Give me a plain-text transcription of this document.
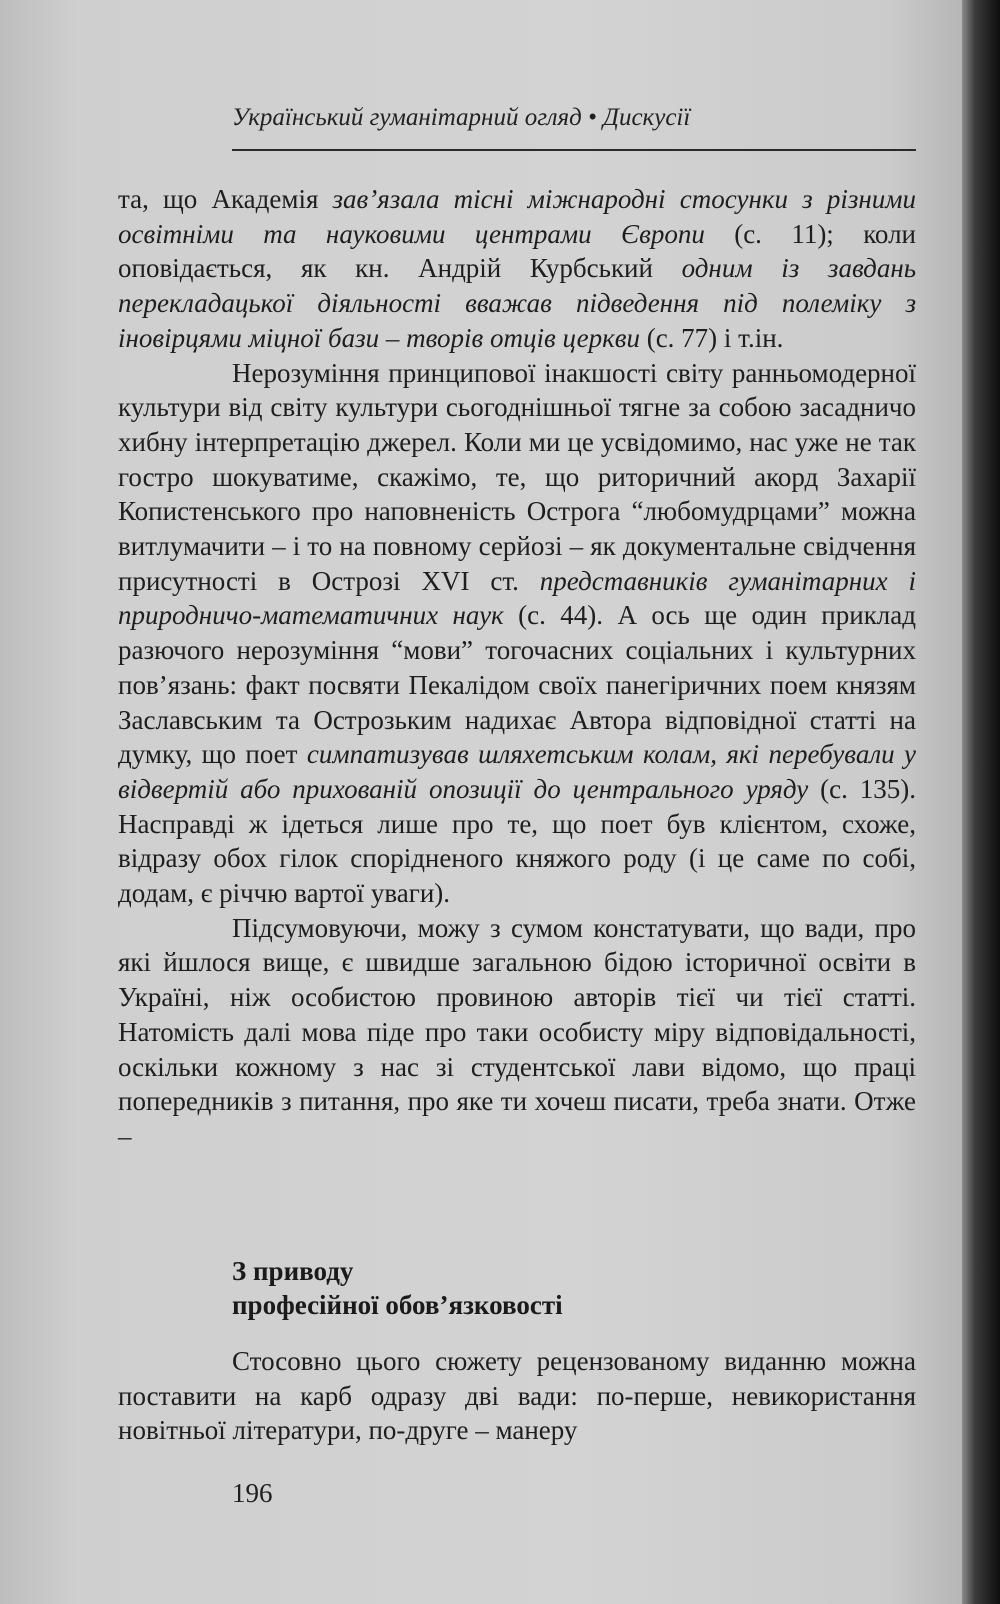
Український гуманітарний огляд • Дискусії

та, що Академія зав’язала тісні міжнародні стосунки з різними освітніми та науковими центрами Європи (с. 11); коли оповідається, як кн. Андрій Курбський одним із завдань перекладацької діяльності вважав підведення під полеміку з іновірцями міцної бази – творів отців церкви (с. 77) і т.ін.

Нерозуміння принципової інакшості світу ранньомодерної культури від світу культури сьогоднішньої тягне за собою засадничо хибну інтерпретацію джерел. Коли ми це усвідомимо, нас уже не так гостро шокуватиме, скажімо, те, що риторичний акорд Захарії Копистенського про наповненість Острога “любомудрцами” можна витлумачити – і то на повному серйозі – як документальне свідчення присутності в Острозі XVI ст. представників гуманітарних і природничо-математичних наук (с. 44). А ось ще один приклад разючого нерозуміння “мови” тогочасних соціальних і культурних пов’язань: факт посвяти Пекалідом своїх панегіричних поем князям Заславським та Острозьким надихає Автора відповідної статті на думку, що поет симпатизував шляхетським колам, які перебували у відвертій або прихованій опозиції до центрального уряду (с. 135). Насправді ж ідеться лише про те, що поет був клієнтом, схоже, відразу обох гілок спорідненого княжого роду (і це саме по собі, додам, є річчю вартої уваги).

Підсумовуючи, можу з сумом констатувати, що вади, про які йшлося вище, є швидше загальною бідою історичної освіти в Україні, ніж особистою провиною авторів тієї чи тієї статті. Натомість далі мова піде про таки особисту міру відповідальності, оскільки кожному з нас зі студентської лави відомо, що праці попередників з питання, про яке ти хочеш писати, треба знати. Отже –

З приводу
професійної обов’язковості

Стосовно цього сюжету рецензованому виданню можна поставити на карб одразу дві вади: по-перше, невикористання новітньої літератури, по-друге – манеру

196
